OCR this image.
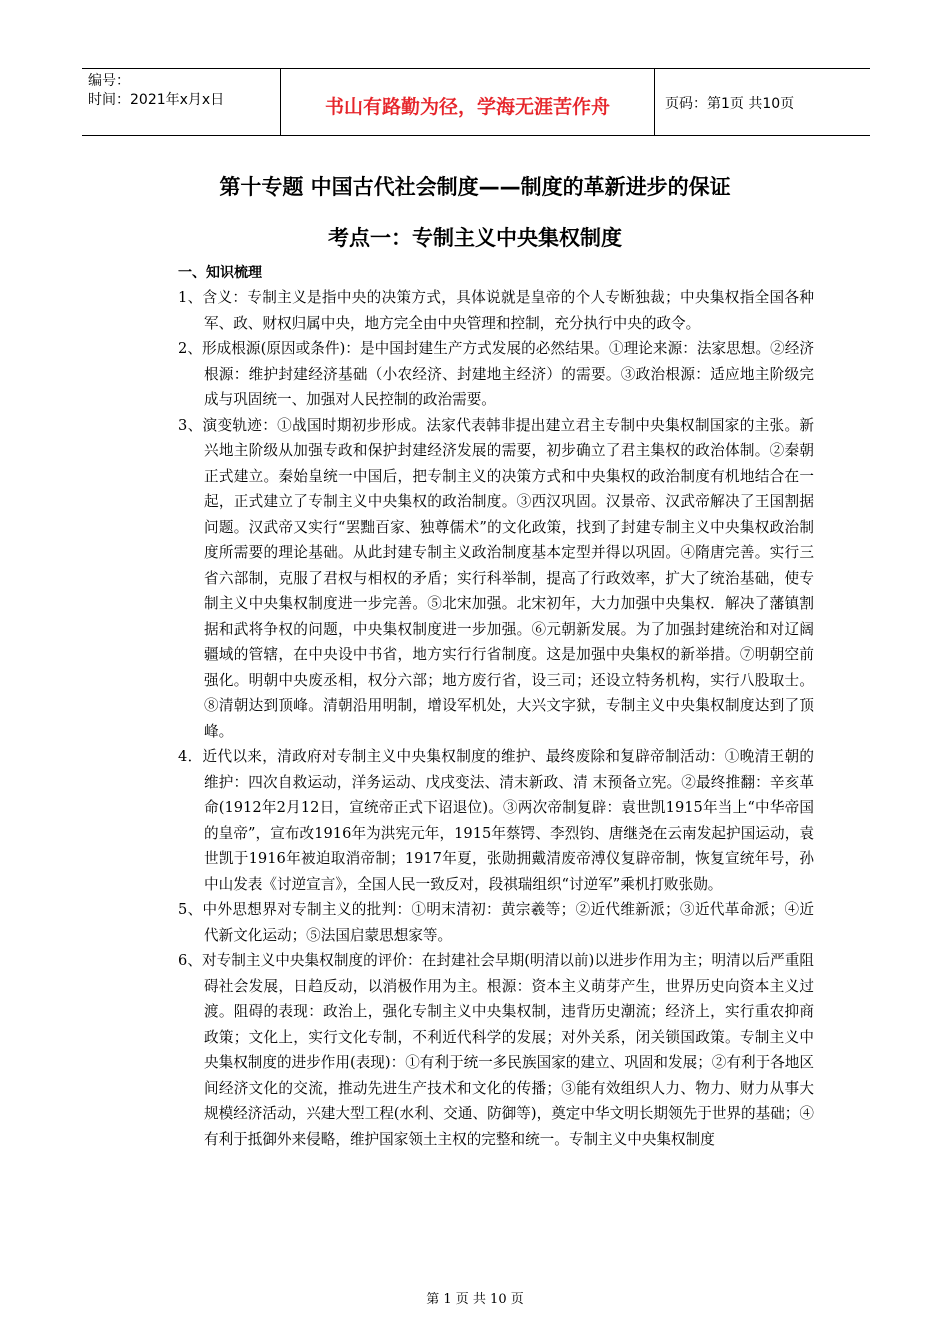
编号：
时间：2021年x月x日	书山有路勤为径，学海无涯苦作舟	页码：第1页 共10页
第十专题 中国古代社会制度——制度的革新进步的保证
考点一：专制主义中央集权制度
一、知识梳理

1、含义：专制主义是指中央的决策方式，具体说就是皇帝的个人专断独裁；中央集权指全国各种军、政、财权归属中央，地方完全由中央管理和控制，充分执行中央的政令。

2、形成根源(原因或条件)：是中国封建生产方式发展的必然结果。①理论来源：法家思想。②经济根源：维护封建经济基础（小农经济、封建地主经济）的需要。③政治根源：适应地主阶级完成与巩固统一、加强对人民控制的政治需要。

3、演变轨迹：①战国时期初步形成。法家代表韩非提出建立君主专制中央集权制国家的主张。新兴地主阶级从加强专政和保护封建经济发展的需要，初步确立了君主集权的政治体制。②秦朝正式建立。秦始皇统一中国后，把专制主义的决策方式和中央集权的政治制度有机地结合在一起，正式建立了专制主义中央集权的政治制度。③西汉巩固。汉景帝、汉武帝解决了王国割据问题。汉武帝又实行“罢黜百家、独尊儒术”的文化政策，找到了封建专制主义中央集权政治制度所需要的理论基础。从此封建专制主义政治制度基本定型并得以巩固。④隋唐完善。实行三省六部制，克服了君权与相权的矛盾；实行科举制，提高了行政效率，扩大了统治基础，使专制主义中央集权制度进一步完善。⑤北宋加强。北宋初年，大力加强中央集权．解决了藩镇割据和武将争权的问题，中央集权制度进一步加强。⑥元朝新发展。为了加强封建统治和对辽阔疆域的管辖，在中央设中书省，地方实行行省制度。这是加强中央集权的新举措。⑦明朝空前强化。明朝中央废丞相，权分六部；地方废行省，设三司；还设立特务机构，实行八股取士。⑧清朝达到顶峰。清朝沿用明制，增设军机处，大兴文字狱，专制主义中央集权制度达到了顶峰。

4．近代以来，清政府对专制主义中央集权制度的维护、最终废除和复辟帝制活动：①晚清王朝的维护：四次自救运动，洋务运动、戊戌变法、清末新政、清 末预备立宪。②最终推翻：辛亥革命(1912年2月12日，宣统帝正式下诏退位)。③两次帝制复辟：袁世凯1915年当上“中华帝国的皇帝”，宣布改1916年为洪宪元年，1915年蔡锷、李烈钧、唐继尧在云南发起护国运动，袁世凯于1916年被迫取消帝制；1917年夏，张勋拥戴清废帝溥仪复辟帝制，恢复宣统年号，孙中山发表《讨逆宣言》，全国人民一致反对，段祺瑞组织“讨逆军”乘机打败张勋。

5、中外思想界对专制主义的批判：①明末清初：黄宗羲等；②近代维新派；③近代革命派；④近代新文化运动；⑤法国启蒙思想家等。

6、对专制主义中央集权制度的评价：在封建社会早期(明清以前)以进步作用为主；明清以后严重阻碍社会发展，日趋反动，以消极作用为主。根源：资本主义萌芽产生，世界历史向资本主义过渡。阻碍的表现：政治上，强化专制主义中央集权制，违背历史潮流；经济上，实行重农抑商政策；文化上，实行文化专制，不利近代科学的发展；对外关系，闭关锁国政策。专制主义中央集权制度的进步作用(表现)：①有利于统一多民族国家的建立、巩固和发展；②有利于各地区间经济文化的交流，推动先进生产技术和文化的传播；③能有效组织人力、物力、财力从事大规模经济活动，兴建大型工程(水利、交通、防御等)，奠定中华文明长期领先于世界的基础；④有利于抵御外来侵略，维护国家领土主权的完整和统一。专制主义中央集权制度

第 1 页 共 10 页
